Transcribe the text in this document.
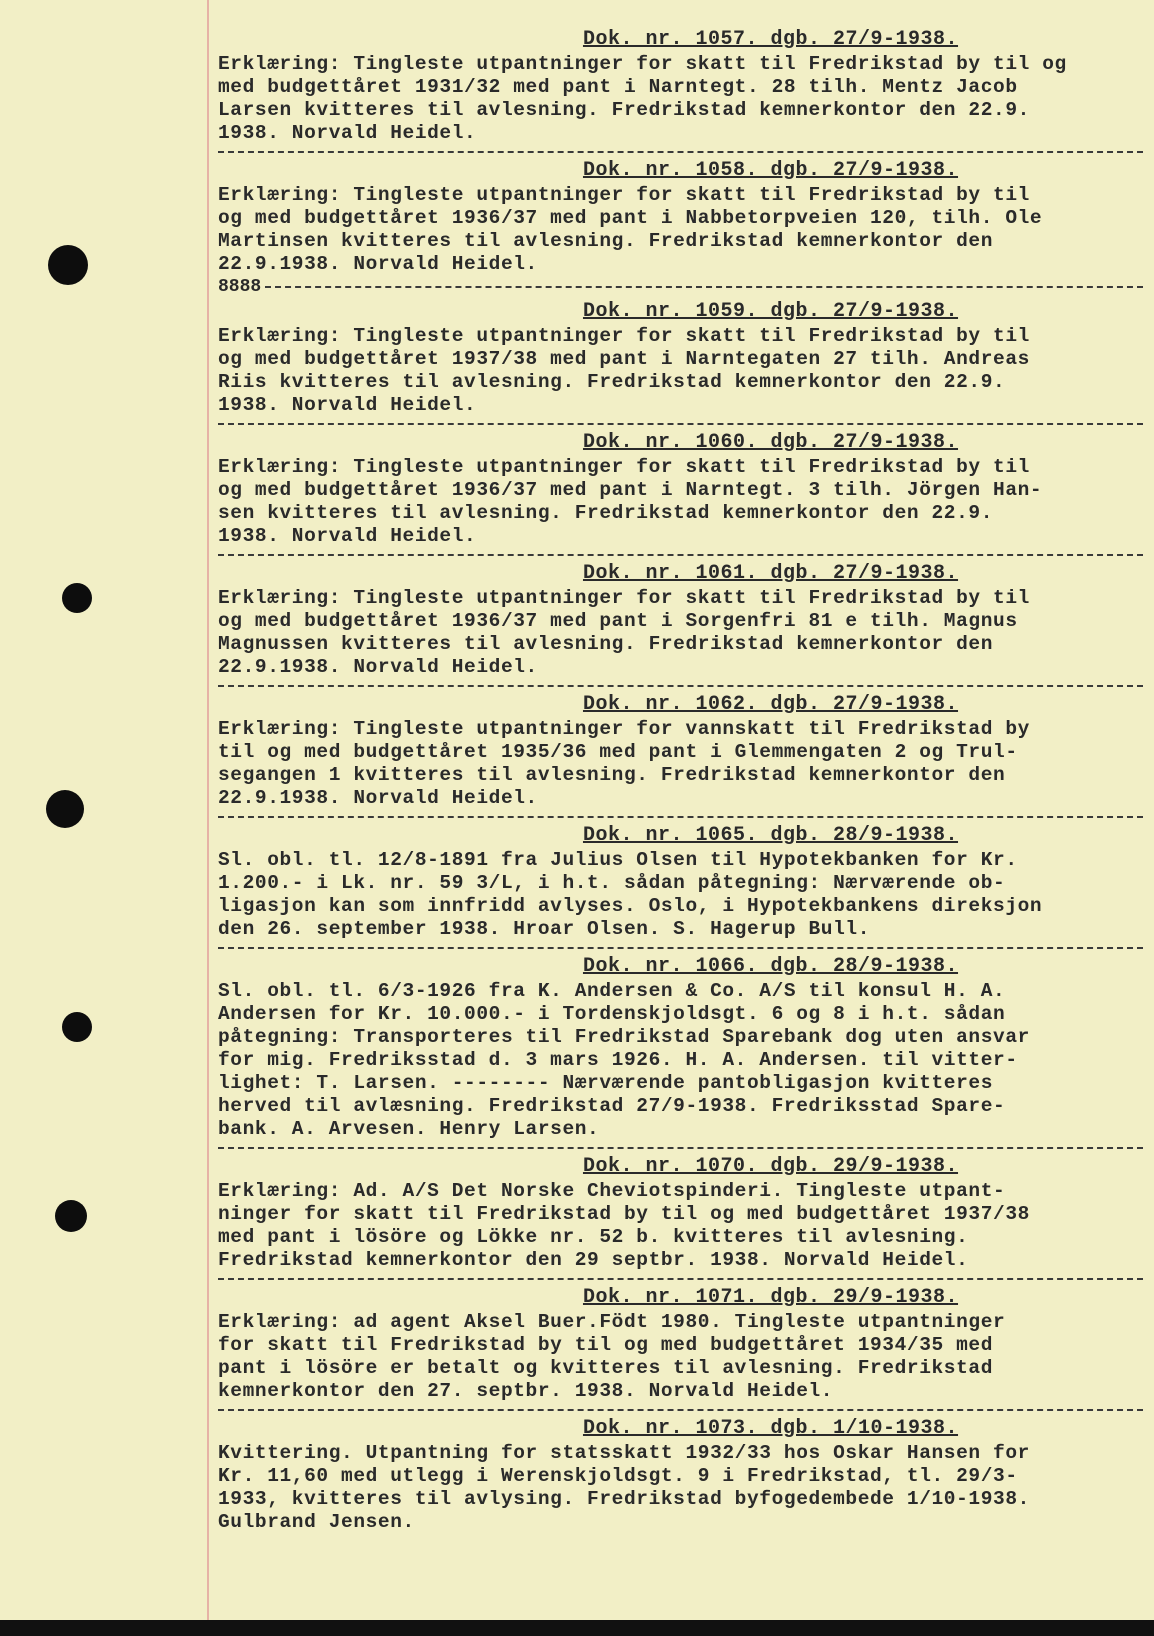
Dok. nr. 1057. dgb. 27/9-1938.
Erklæring: Tingleste utpantninger for skatt til Fredrikstad by til og
med budgettåret 1931/32 med pant i Narntegt. 28 tilh. Mentz Jacob
Larsen kvitteres til avlesning. Fredrikstad kemnerkontor den 22.9.
1938. Norvald Heidel.
Dok. nr. 1058. dgb. 27/9-1938.
Erklæring: Tingleste utpantninger for skatt til Fredrikstad by til
og med budgettåret 1936/37 med pant i Nabbetorpveien 120, tilh. Ole
Martinsen kvitteres til avlesning. Fredrikstad kemnerkontor den
22.9.1938. Norvald Heidel.
8888
Dok. nr. 1059. dgb. 27/9-1938.
Erklæring: Tingleste utpantninger for skatt til Fredrikstad by til
og med budgettåret 1937/38 med pant i Narntegaten 27 tilh. Andreas
Riis kvitteres til avlesning. Fredrikstad kemnerkontor den 22.9.
1938. Norvald Heidel.
Dok. nr. 1060. dgb. 27/9-1938.
Erklæring: Tingleste utpantninger for skatt til Fredrikstad by til
og med budgettåret 1936/37 med pant i Narntegt. 3 tilh. Jörgen Han-
sen kvitteres til avlesning. Fredrikstad kemnerkontor den 22.9.
1938. Norvald Heidel.
Dok. nr. 1061. dgb. 27/9-1938.
Erklæring: Tingleste utpantninger for skatt til Fredrikstad by til
og med budgettåret 1936/37 med pant i Sorgenfri 81 e tilh. Magnus
Magnussen kvitteres til avlesning. Fredrikstad kemnerkontor den
22.9.1938. Norvald Heidel.
Dok. nr. 1062. dgb. 27/9-1938.
Erklæring: Tingleste utpantninger for vannskatt til Fredrikstad by
til og med budgettåret 1935/36 med pant i Glemmengaten 2 og Trul-
segangen 1 kvitteres til avlesning. Fredrikstad kemnerkontor den
22.9.1938. Norvald Heidel.
Dok. nr. 1065. dgb. 28/9-1938.
Sl. obl. tl. 12/8-1891 fra Julius Olsen til Hypotekbanken for Kr.
1.200.- i Lk. nr. 59 3/L, i h.t. sådan påtegning: Nærværende ob-
ligasjon kan som innfridd avlyses. Oslo, i Hypotekbankens direksjon
den 26. september 1938. Hroar Olsen. S. Hagerup Bull.
Dok. nr. 1066. dgb. 28/9-1938.
Sl. obl. tl. 6/3-1926 fra K. Andersen & Co. A/S til konsul H. A.
Andersen for Kr. 10.000.- i Tordenskjoldsgt. 6 og 8 i h.t. sådan
påtegning: Transporteres til Fredrikstad Sparebank dog uten ansvar
for mig. Fredriksstad d. 3 mars 1926. H. A. Andersen. til vitter-
lighet: T. Larsen. -------- Nærværende pantobligasjon kvitteres
herved til avlæsning. Fredrikstad 27/9-1938. Fredriksstad Spare-
bank. A. Arvesen. Henry Larsen.
Dok. nr. 1070. dgb. 29/9-1938.
Erklæring: Ad. A/S Det Norske Cheviotspinderi. Tingleste utpant-
ninger for skatt til Fredrikstad by til og med budgettåret 1937/38
med pant i lösöre og Lökke nr. 52 b. kvitteres til avlesning.
Fredrikstad kemnerkontor den 29 septbr. 1938. Norvald Heidel.
Dok. nr. 1071. dgb. 29/9-1938.
Erklæring: ad agent Aksel Buer.Födt 1980. Tingleste utpantninger
for skatt til Fredrikstad by til og med budgettåret 1934/35 med
pant i lösöre er betalt og kvitteres til avlesning. Fredrikstad
kemnerkontor den 27. septbr. 1938. Norvald Heidel.
Dok. nr. 1073. dgb. 1/10-1938.
Kvittering. Utpantning for statsskatt 1932/33 hos Oskar Hansen for
Kr. 11,60 med utlegg i Werenskjoldsgt. 9 i Fredrikstad, tl. 29/3-
1933, kvitteres til avlysing. Fredrikstad byfogedembede 1/10-1938.
Gulbrand Jensen.
